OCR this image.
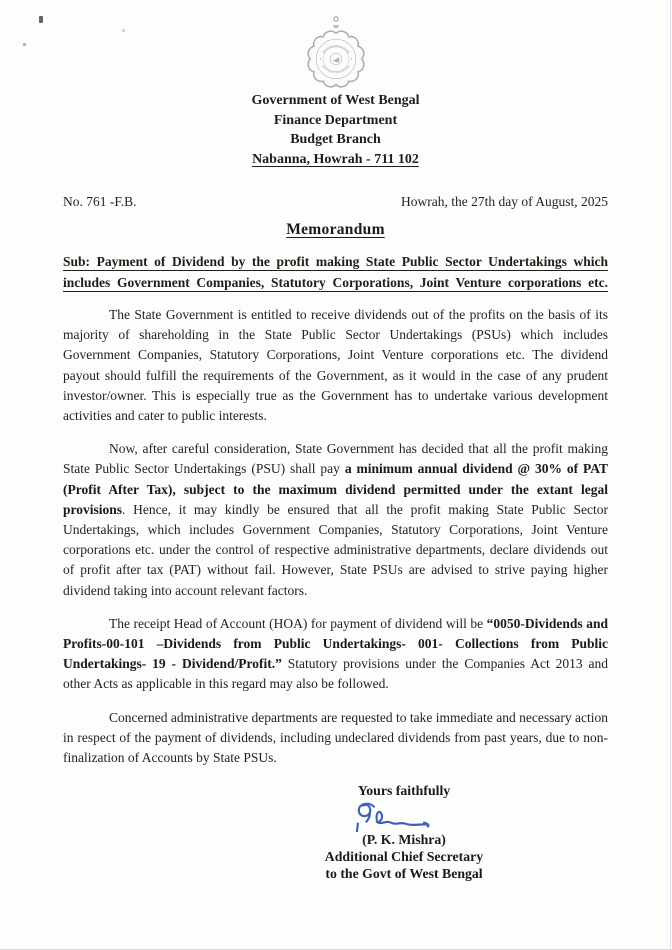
Government of West Bengal
Finance Department
Budget Branch
Nabanna, Howrah - 711 102
No. 761 -F.B.	Howrah, the 27th day of August, 2025
Memorandum
Sub: Payment of Dividend by the profit making State Public Sector Undertakings which includes Government Companies, Statutory Corporations, Joint Venture corporations etc.

The State Government is entitled to receive dividends out of the profits on the basis of its majority of shareholding in the State Public Sector Undertakings (PSUs) which includes Government Companies, Statutory Corporations, Joint Venture corporations etc. The dividend payout should fulfill the requirements of the Government, as it would in the case of any prudent investor/owner. This is especially true as the Government has to undertake various development activities and cater to public interests.

Now, after careful consideration, State Government has decided that all the profit making State Public Sector Undertakings (PSU) shall pay a minimum annual dividend @ 30% of PAT (Profit After Tax), subject to the maximum dividend permitted under the extant legal provisions. Hence, it may kindly be ensured that all the profit making State Public Sector Undertakings, which includes Government Companies, Statutory Corporations, Joint Venture corporations etc. under the control of respective administrative departments, declare dividends out of profit after tax (PAT) without fail. However, State PSUs are advised to strive paying higher dividend taking into account relevant factors.

The receipt Head of Account (HOA) for payment of dividend will be “0050-Dividends and Profits-00-101 –Dividends from Public Undertakings- 001- Collections from Public Undertakings- 19 - Dividend/Profit.” Statutory provisions under the Companies Act 2013 and other Acts as applicable in this regard may also be followed.

Concerned administrative departments are requested to take immediate and necessary action in respect of the payment of dividends, including undeclared dividends from past years, due to non-finalization of Accounts by State PSUs.

Yours faithfully
(P. K. Mishra)
Additional Chief Secretary
to the Govt of West Bengal
